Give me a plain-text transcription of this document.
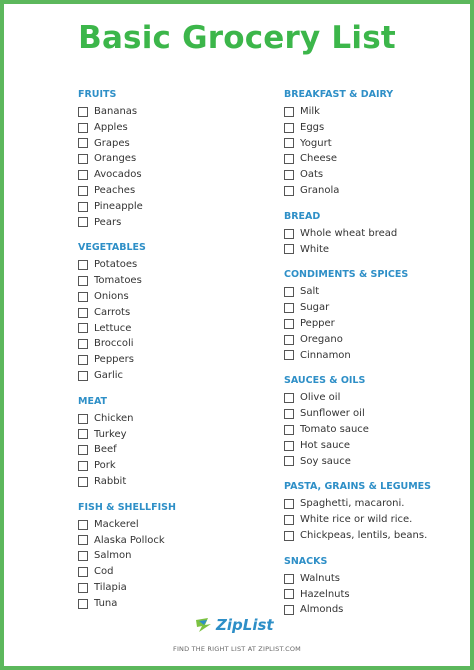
Basic Grocery List
FRUITS
Bananas
Apples
Grapes
Oranges
Avocados
Peaches
Pineapple
Pears
VEGETABLES
Potatoes
Tomatoes
Onions
Carrots
Lettuce
Broccoli
Peppers
Garlic
MEAT
Chicken
Turkey
Beef
Pork
Rabbit
FISH & SHELLFISH
Mackerel
Alaska Pollock
Salmon
Cod
Tilapia
Tuna
BREAKFAST & DAIRY
Milk
Eggs
Yogurt
Cheese
Oats
Granola
BREAD
Whole wheat bread
White
CONDIMENTS & SPICES
Salt
Sugar
Pepper
Oregano
Cinnamon
SAUCES & OILS
Olive oil
Sunflower oil
Tomato sauce
Hot sauce
Soy sauce
PASTA, GRAINS & LEGUMES
Spaghetti, macaroni.
White rice or wild rice.
Chickpeas, lentils, beans.
SNACKS
Walnuts
Hazelnuts
Almonds
ZipList
FIND THE RIGHT LIST AT ZIPLIST.COM
